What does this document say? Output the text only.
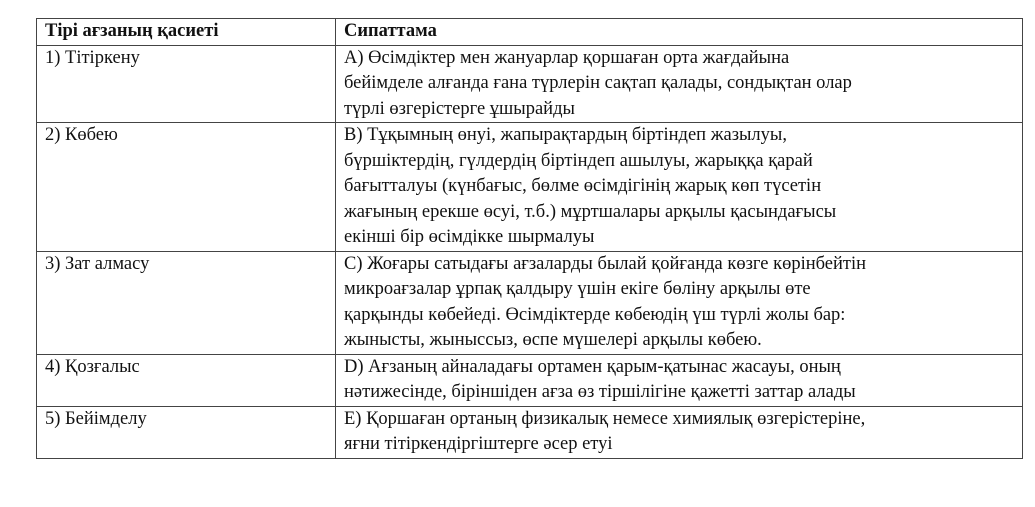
Тірі ағзаның қасиеті	Сипаттама
1) Тітіркену	А) Өсімдіктер мен жануарлар қоршаған орта жағдайына
бейімделе алғанда ғана түрлерін сақтап қалады, сондықтан олар
түрлі өзгерістерге ұшырайды
2) Көбею	В) Тұқымның өнуі, жапырақтардың біртіндеп жазылуы,
бүршіктердің, гүлдердің біртіндеп ашылуы, жарыққа қарай
бағытталуы (күнбағыс, бөлме өсімдігінің жарық көп түсетін
жағының ерекше өсуі, т.б.) мұртшалары арқылы қасындағысы
екінші бір өсімдікке шырмалуы
3) Зат алмасу	С) Жоғары сатыдағы ағзаларды былай қойғанда көзге көрінбейтін
микроағзалар ұрпақ қалдыру үшін екіге бөліну арқылы өте
қарқынды көбейеді. Өсімдіктерде көбеюдің үш түрлі жолы бар:
жынысты, жыныссыз, өспе мүшелері арқылы көбею.
4) Қозғалыс	D) Ағзаның айналадағы ортамен қарым-қатынас жасауы, оның
нәтижесінде, біріншіден ағза өз тіршілігіне қажетті заттар алады
5) Бейімделу	Е) Қоршаған ортаның физикалық немесе химиялық өзгерістеріне,
яғни тітіркендіргіштерге әсер етуі
